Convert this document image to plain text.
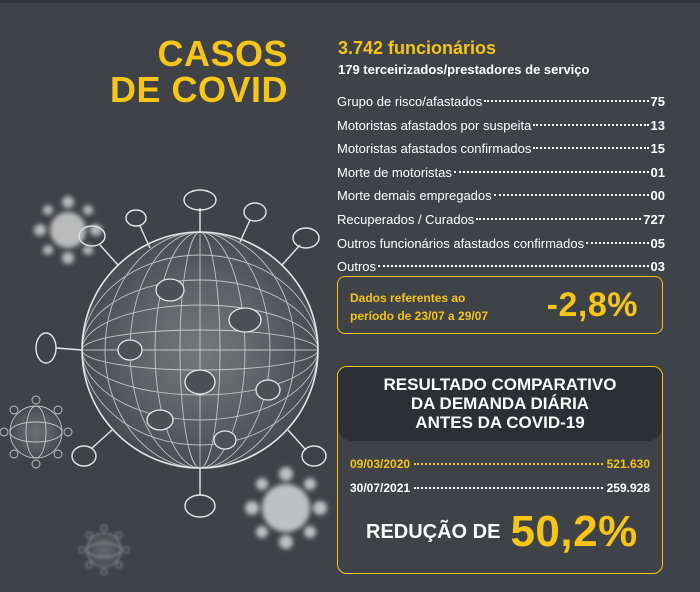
CASOS
DE COVID
3.742 funcionários
179 terceirizados/prestadores de serviço
Grupo de risco/afastados	75
Motoristas afastados por suspeita	13
Motoristas afastados confirmados	15
Morte de motoristas	01
Morte demais empregados	00
Recuperados / Curados	727
Outros funcionários afastados confirmados	05
Outros	03
Dados referentes ao
período de 23/07 a 29/07	-2,8%
RESULTADO COMPARATIVO
DA DEMANDA DIÁRIA
ANTES DA COVID-19
09/03/2020	521.630
30/07/2021	259.928
REDUÇÃO DE 50,2%
